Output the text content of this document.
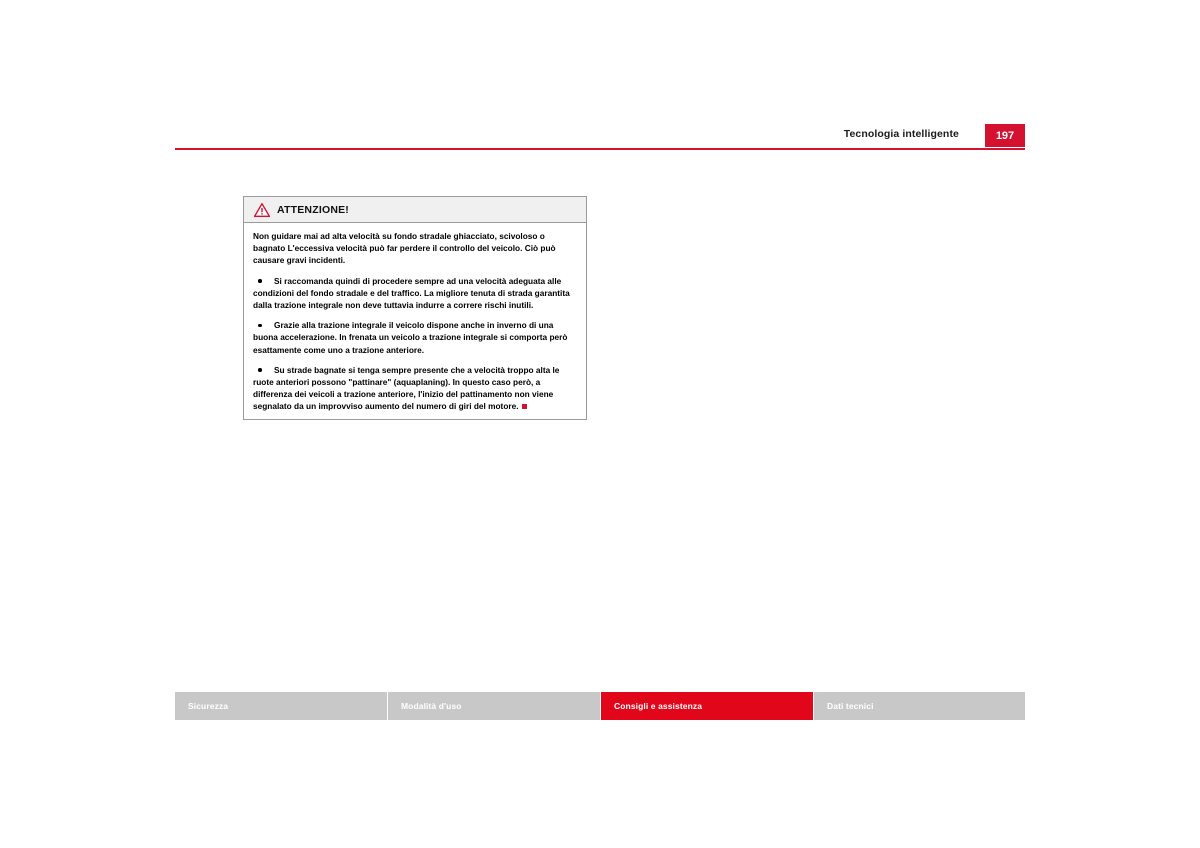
Tecnologia intelligente	197
ATTENZIONE!

Non guidare mai ad alta velocità su fondo stradale ghiacciato, scivoloso o bagnato L'eccessiva velocità può far perdere il controllo del veicolo. Ciò può causare gravi incidenti.

Si raccomanda quindi di procedere sempre ad una velocità adeguata alle condizioni del fondo stradale e del traffico. La migliore tenuta di strada garantita dalla trazione integrale non deve tuttavia indurre a correre rischi inutili.
Grazie alla trazione integrale il veicolo dispone anche in inverno di una buona accelerazione. In frenata un veicolo a trazione integrale si comporta però esattamente come uno a trazione anteriore.
Su strade bagnate si tenga sempre presente che a velocità troppo alta le ruote anteriori possono "pattinare" (aquaplaning). In questo caso però, a differenza dei veicoli a trazione anteriore, l'inizio del pattinamento non viene segnalato da un improvviso aumento del numero di giri del motore.
Sicurezza	Modalità d'uso	Consigli e assistenza	Dati tecnici
